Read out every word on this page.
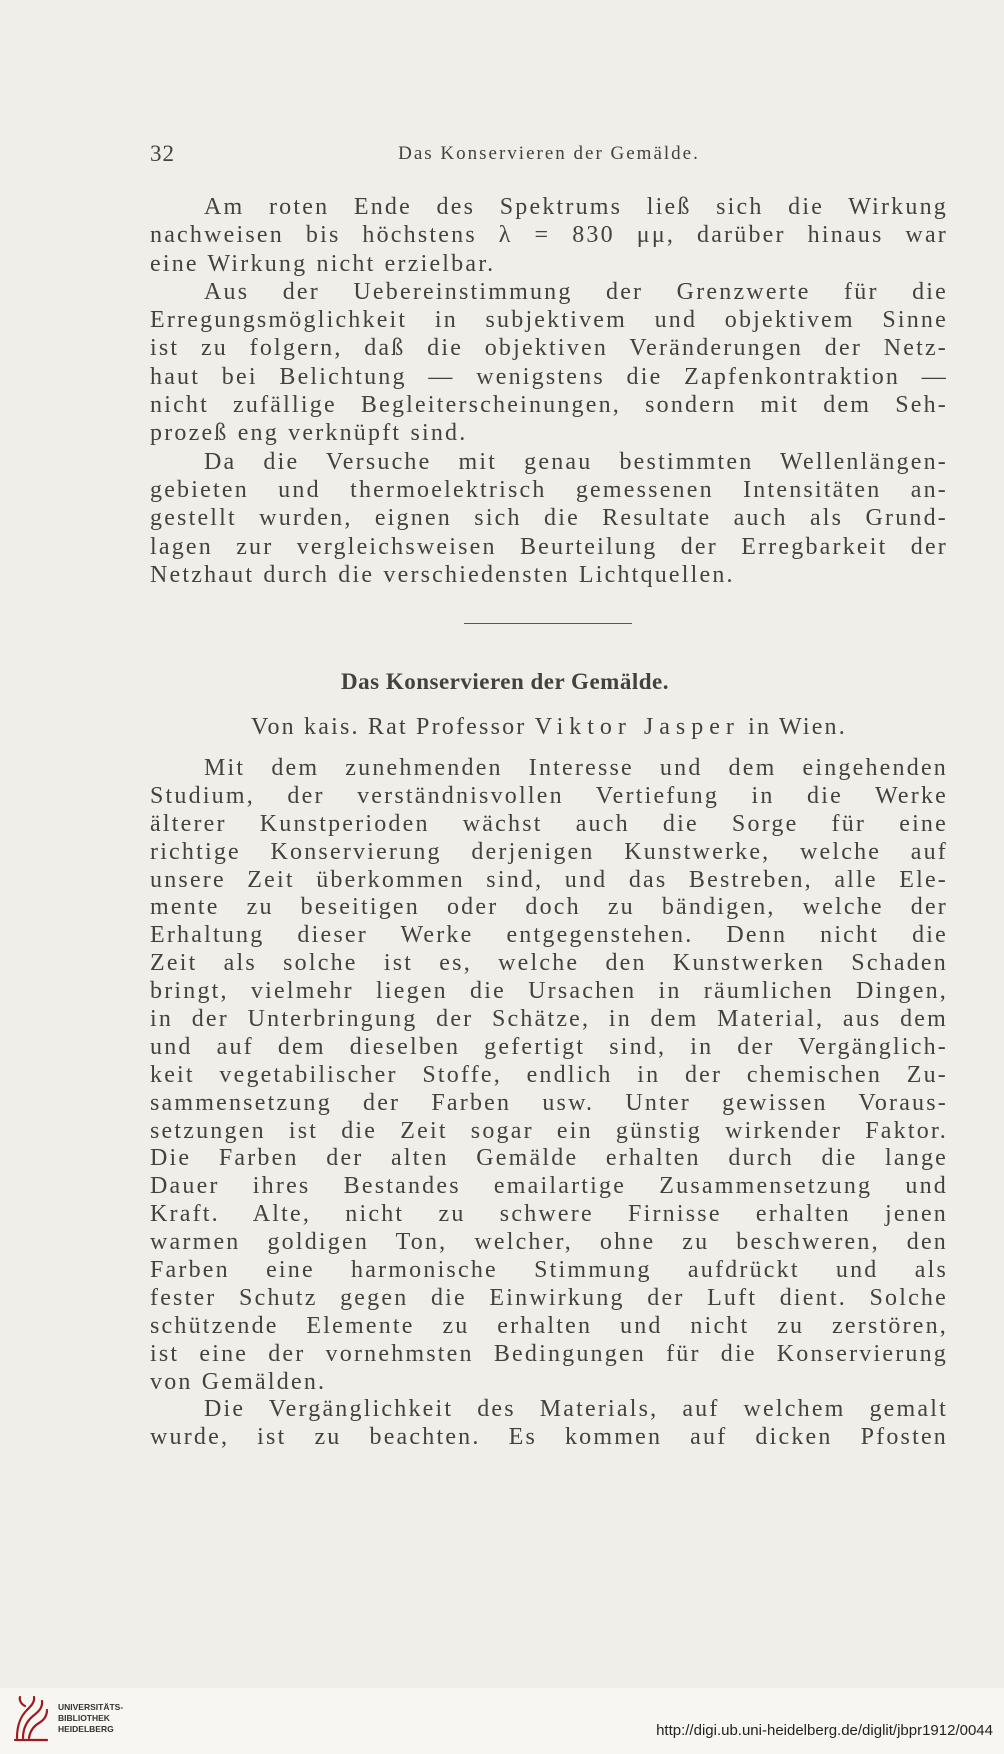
32	Das Konservieren der Gemälde.
Am roten Ende des Spektrums ließ sich die Wirkung
nachweisen bis höchstens λ = 830 μμ, darüber hinaus war
eine Wirkung nicht erzielbar.
Aus der Uebereinstimmung der Grenzwerte für die
Erregungsmöglichkeit in subjektivem und objektivem Sinne
ist zu folgern, daß die objektiven Veränderungen der Netz-
haut bei Belichtung — wenigstens die Zapfenkontraktion —
nicht zufällige Begleiterscheinungen, sondern mit dem Seh-
prozeß eng verknüpft sind.
Da die Versuche mit genau bestimmten Wellenlängen-
gebieten und thermoelektrisch gemessenen Intensitäten an-
gestellt wurden, eignen sich die Resultate auch als Grund-
lagen zur vergleichsweisen Beurteilung der Erregbarkeit der
Netzhaut durch die verschiedensten Lichtquellen.
Das Konservieren der Gemälde.
Von kais. Rat Professor Viktor Jasper in Wien.
Mit dem zunehmenden Interesse und dem eingehenden
Studium, der verständnisvollen Vertiefung in die Werke
älterer Kunstperioden wächst auch die Sorge für eine
richtige Konservierung derjenigen Kunstwerke, welche auf
unsere Zeit überkommen sind, und das Bestreben, alle Ele-
mente zu beseitigen oder doch zu bändigen, welche der
Erhaltung dieser Werke entgegenstehen. Denn nicht die
Zeit als solche ist es, welche den Kunstwerken Schaden
bringt, vielmehr liegen die Ursachen in räumlichen Dingen,
in der Unterbringung der Schätze, in dem Material, aus dem
und auf dem dieselben gefertigt sind, in der Vergänglich-
keit vegetabilischer Stoffe, endlich in der chemischen Zu-
sammensetzung der Farben usw. Unter gewissen Voraus-
setzungen ist die Zeit sogar ein günstig wirkender Faktor.
Die Farben der alten Gemälde erhalten durch die lange
Dauer ihres Bestandes emailartige Zusammensetzung und
Kraft. Alte, nicht zu schwere Firnisse erhalten jenen
warmen goldigen Ton, welcher, ohne zu beschweren, den
Farben eine harmonische Stimmung aufdrückt und als
fester Schutz gegen die Einwirkung der Luft dient. Solche
schützende Elemente zu erhalten und nicht zu zerstören,
ist eine der vornehmsten Bedingungen für die Konservierung
von Gemälden.
Die Vergänglichkeit des Materials, auf welchem gemalt
wurde, ist zu beachten. Es kommen auf dicken Pfosten
UNIVERSITÄTS-
BIBLIOTHEK
HEIDELBERG	http://digi.ub.uni-heidelberg.de/diglit/jbpr1912/0044
